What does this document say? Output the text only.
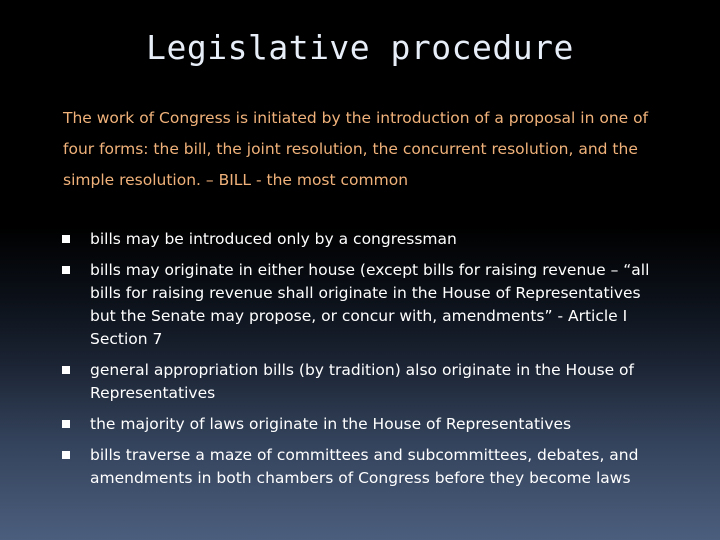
Legislative procedure

The work of Congress is initiated by the introduction of a proposal in one of four forms: the bill, the joint resolution, the concurrent resolution, and the simple resolution. – BILL - the most common

bills may be introduced only by a congressman
bills may originate in either house (except bills for raising revenue – “all bills for raising revenue shall originate in the House of Representatives but the Senate may propose, or concur with, amendments” - Article I Section 7
general appropriation bills (by tradition) also originate in the House of Representatives
the majority of laws originate in the House of Representatives
bills traverse a maze of committees and subcommittees, debates, and amendments in both chambers of Congress before they become laws
